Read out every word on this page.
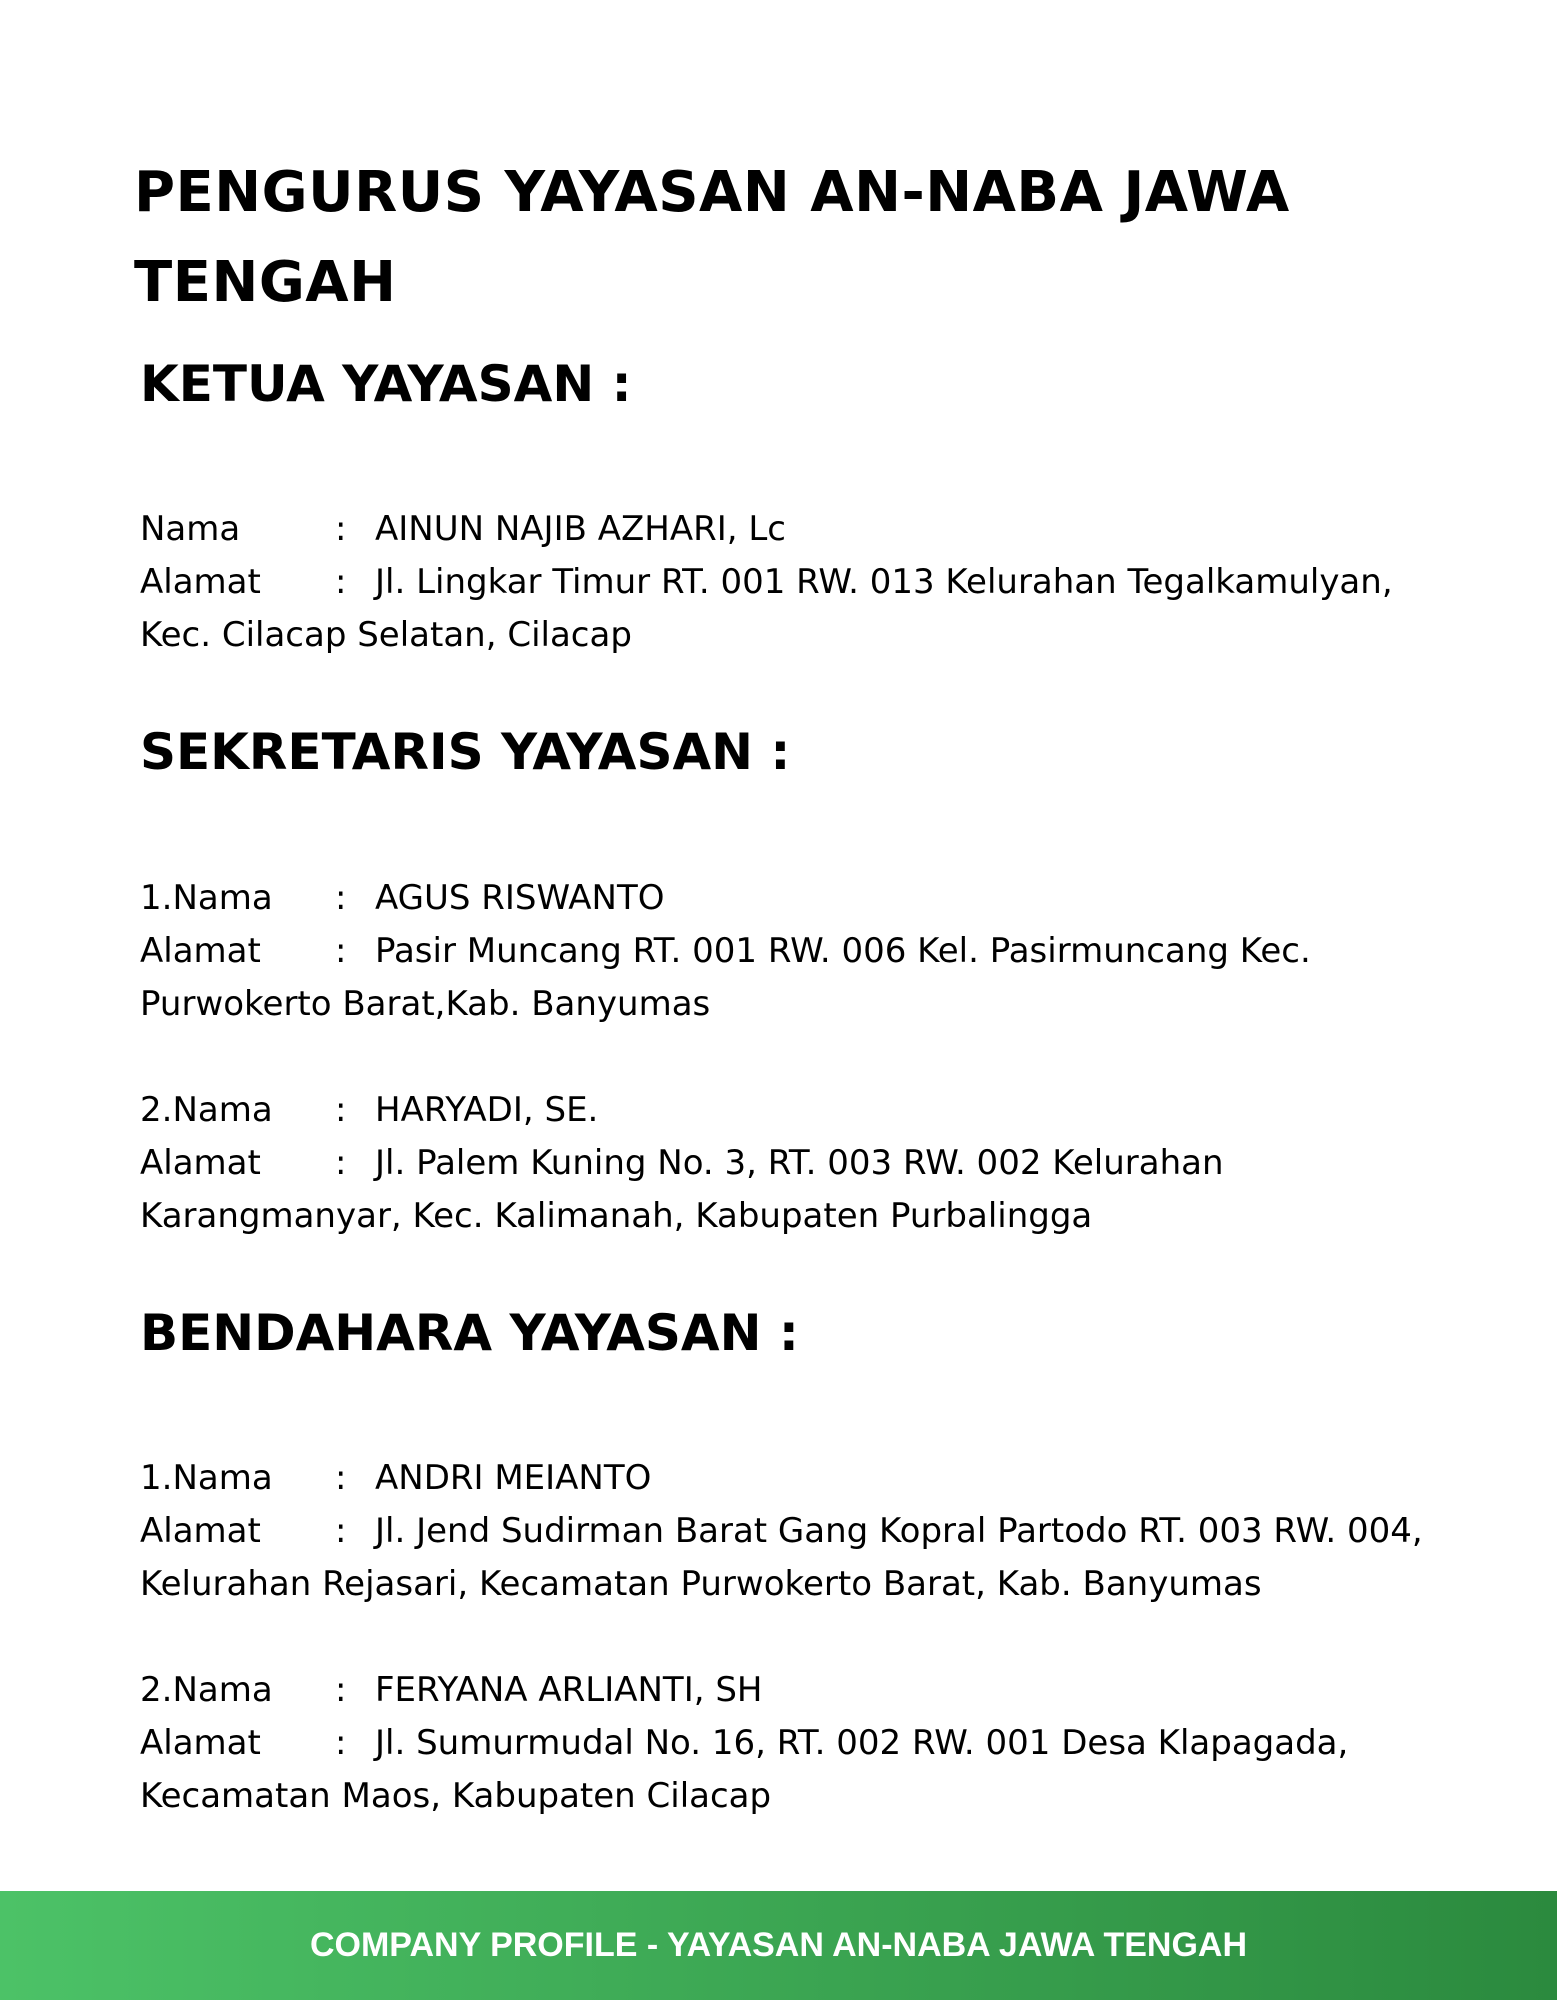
PENGURUS YAYASAN AN-NABA JAWA TENGAH
KETUA YAYASAN :
Nama	: AINUN NAJIB AZHARI, Lc
Alamat : Jl. Lingkar Timur RT. 001 RW. 013 Kelurahan Tegalkamulyan,
Kec. Cilacap Selatan, Cilacap
SEKRETARIS YAYASAN :
1.Nama : AGUS RISWANTO
Alamat : Pasir Muncang RT. 001 RW. 006 Kel. Pasirmuncang Kec.
Purwokerto Barat,Kab. Banyumas
2.Nama : HARYADI, SE.
Alamat : Jl. Palem Kuning No. 3, RT. 003 RW. 002 Kelurahan
Karangmanyar, Kec. Kalimanah, Kabupaten Purbalingga
BENDAHARA YAYASAN :
1.Nama : ANDRI MEIANTO
Alamat : Jl. Jend Sudirman Barat Gang Kopral Partodo RT. 003 RW. 004,
Kelurahan Rejasari, Kecamatan Purwokerto Barat, Kab. Banyumas
2.Nama : FERYANA ARLIANTI, SH
Alamat : Jl. Sumurmudal No. 16, RT. 002 RW. 001 Desa Klapagada,
Kecamatan Maos, Kabupaten Cilacap
COMPANY PROFILE - YAYASAN AN-NABA JAWA TENGAH
